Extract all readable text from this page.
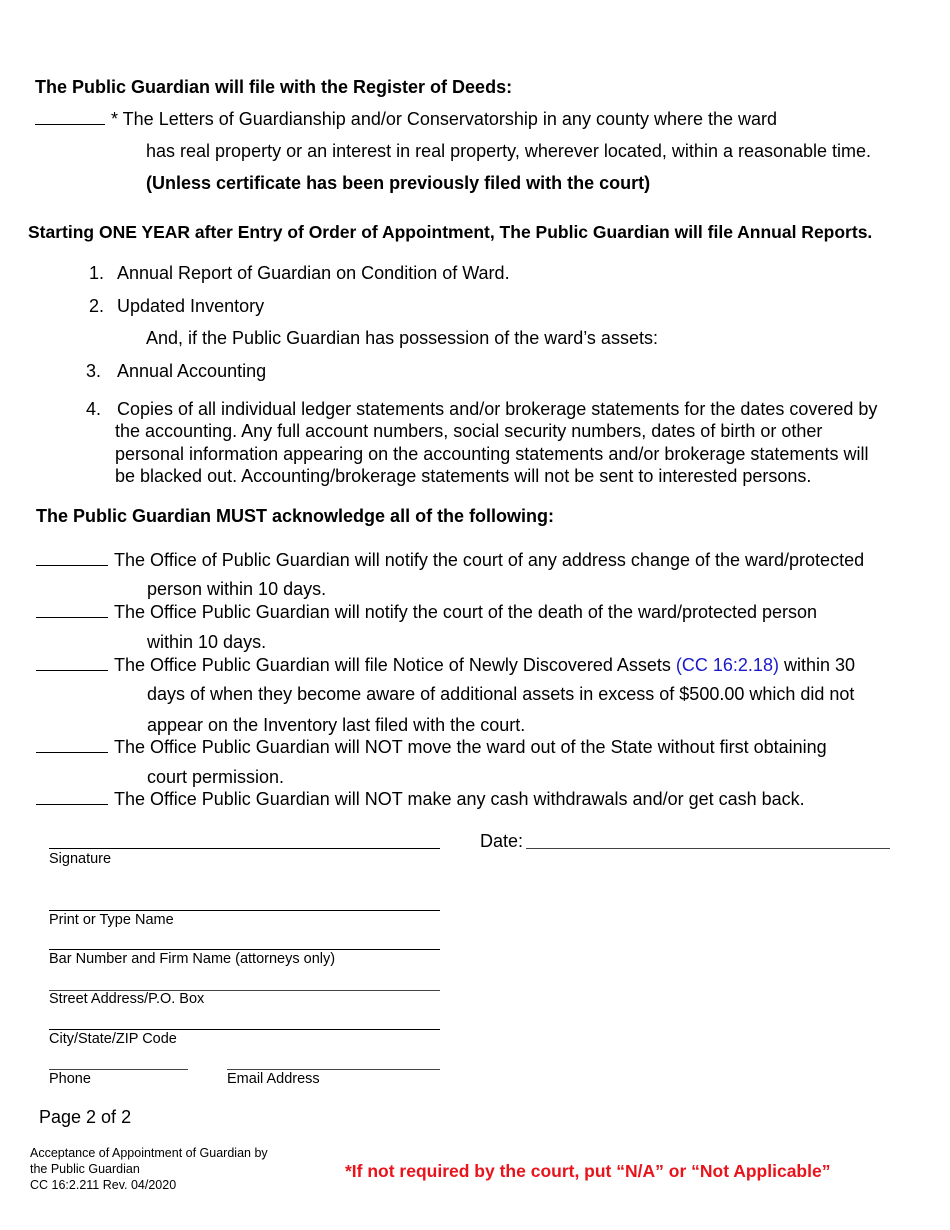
The Public Guardian will file with the Register of Deeds:
* The Letters of Guardianship and/or Conservatorship in any county where the ward
has real property or an interest in real property, wherever located, within a reasonable time.
(Unless certificate has been previously filed with the court)
Starting ONE YEAR after Entry of Order of Appointment, The Public Guardian will file Annual Reports.
1. Annual Report of Guardian on Condition of Ward.
2. Updated Inventory
And, if the Public Guardian has possession of the ward’s assets:
3. Annual Accounting
4. Copies of all individual ledger statements and/or brokerage statements for the dates covered by
the accounting. Any full account numbers, social security numbers, dates of birth or other
personal information appearing on the accounting statements and/or brokerage statements will
be blacked out. Accounting/brokerage statements will not be sent to interested persons.
The Public Guardian MUST acknowledge all of the following:
The Office of Public Guardian will notify the court of any address change of the ward/protected
person within 10 days.
The Office Public Guardian will notify the court of the death of the ward/protected person
within 10 days.
The Office Public Guardian will file Notice of Newly Discovered Assets (CC 16:2.18) within 30
days of when they become aware of additional assets in excess of $500.00 which did not
appear on the Inventory last filed with the court.
The Office Public Guardian will NOT move the ward out of the State without first obtaining
court permission.
The Office Public Guardian will NOT make any cash withdrawals and/or get cash back.
Signature
Date:
Print or Type Name
Bar Number and Firm Name (attorneys only)
Street Address/P.O. Box
City/State/ZIP Code
Phone	Email Address
Page 2 of 2
Acceptance of Appointment of Guardian by
the Public Guardian
CC 16:2.211 Rev. 04/2020
*If not required by the court, put “N/A” or “Not Applicable”
